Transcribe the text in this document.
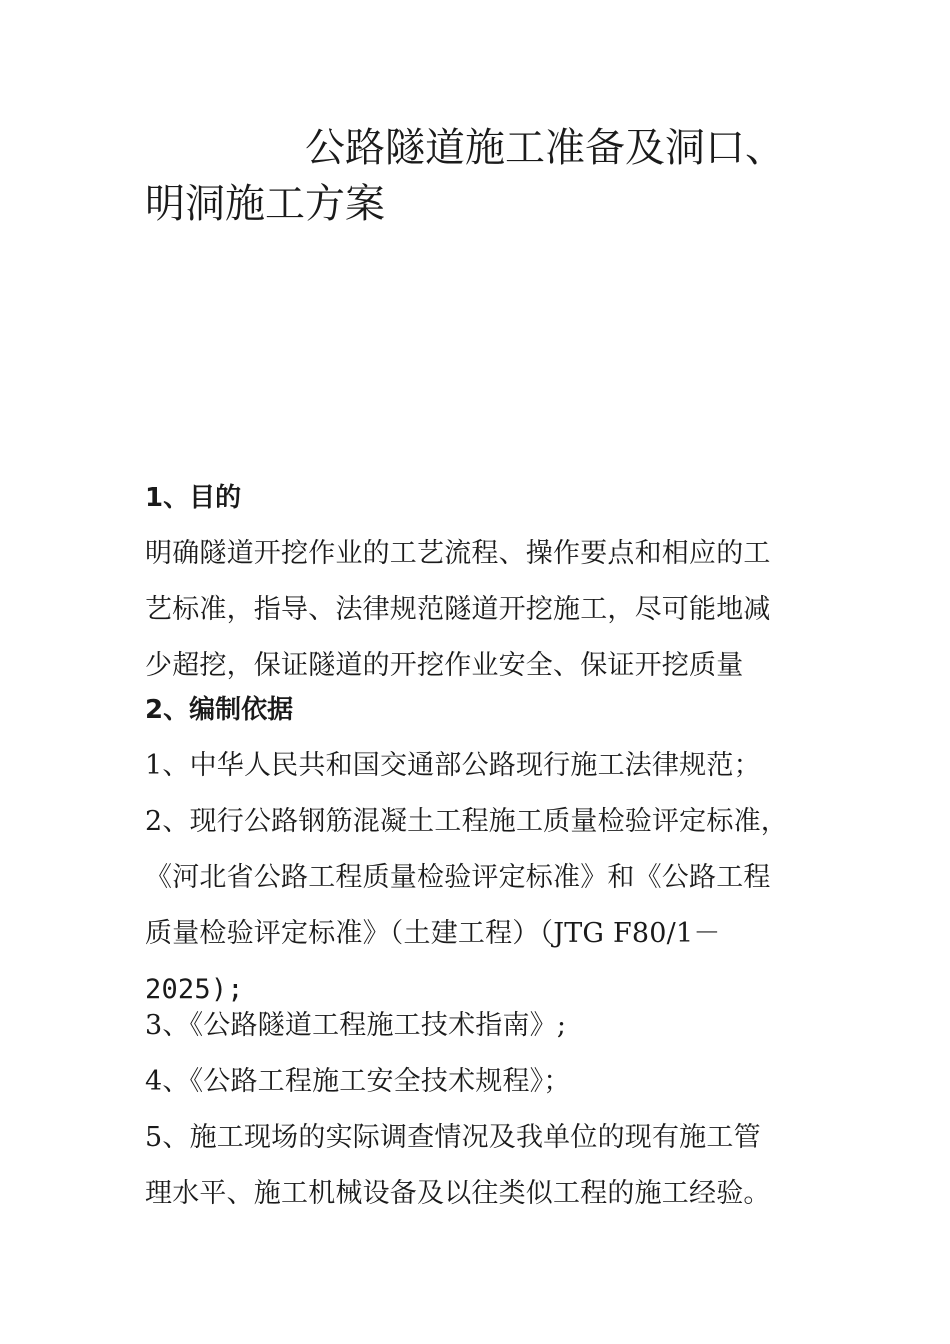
公路隧道施工准备及洞口、
明洞施工方案
1、目的
明确隧道开挖作业的工艺流程、操作要点和相应的工
艺标准，指导、法律规范隧道开挖施工，尽可能地减
少超挖，保证隧道的开挖作业安全、保证开挖质量
2、编制依据
1、中华人民共和国交通部公路现行施工法律规范；
2、现行公路钢筋混凝土工程施工质量检验评定标准，
《河北省公路工程质量检验评定标准》和《公路工程
质量检验评定标准》（土建工程）（JTG F80/1－
2025);
3、《公路隧道工程施工技术指南》;
4、《公路工程施工安全技术规程》；
5、施工现场的实际调查情况及我单位的现有施工管
理水平、施工机械设备及以往类似工程的施工经验。
